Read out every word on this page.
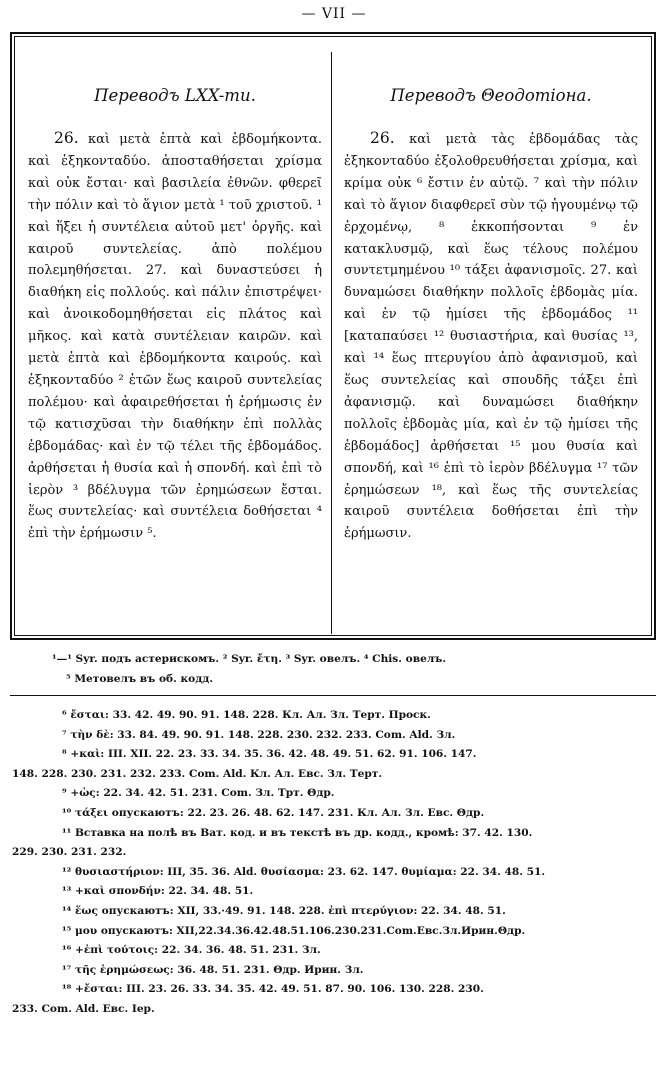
— VII —
Переводъ LXX-ти.	Переводъ Θеодотіона.

26. καὶ μετὰ ἑπτὰ καὶ ἑβδομήκοντα. καὶ ἑξηκονταδύο. ἀποσταθήσεται χρίσμα καὶ οὐκ ἔσται· καὶ βασιλεία ἐθνῶν. φθερεῖ τὴν πόλιν καὶ τὸ ἅγιον μετὰ ¹ τοῦ χριστοῦ. ¹ καὶ ἥξει ἡ συντέλεια αὐτοῦ μετ' ὀργῆς. καὶ καιροῦ συντελείας. ἀπὸ πολέμου πολεμηθήσεται. 27. καὶ δυναστεύσει ἡ διαθήκη εἰς πολλούς. καὶ πάλιν ἐπιστρέψει· καὶ ἀνοικοδομηθήσεται εἰς πλάτος καὶ μῆκος. καὶ κατὰ συντέλειαν καιρῶν. καὶ μετὰ ἑπτὰ καὶ ἑβδομήκοντα καιρούς. καὶ ἑξηκονταδύο ² ἐτῶν ἕως καιροῦ συντελείας πολέμου· καὶ ἀφαιρεθήσεται ἡ ἐρήμωσις ἐν τῷ κατισχῦσαι τὴν διαθήκην ἐπὶ πολλὰς ἑβδομάδας· καὶ ἐν τῷ τέλει τῆς ἑβδομάδος. ἀρθήσεται ἡ θυσία καὶ ἡ σπονδή. καὶ ἐπὶ τὸ ἱερὸν ³ βδέλυγμα τῶν ἐρημώσεων ἔσται. ἕως συντελείας· καὶ συντέλεια δοθήσεται ⁴ ἐπὶ τὴν ἐρήμωσιν ⁵.

26. καὶ μετὰ τὰς ἑβδομάδας τὰς ἑξηκονταδύο ἐξολοθρευθήσεται χρίσμα, καὶ κρίμα οὐκ ⁶ ἔστιν ἐν αὐτῷ. ⁷ καὶ τὴν πόλιν καὶ τὸ ἅγιον διαφθερεῖ σὺν τῷ ἡγουμένῳ τῷ ἐρχομένῳ, ⁸ ἐκκοπήσονται ⁹ ἐν κατακλυσμῷ, καὶ ἕως τέλους πολέμου συντετμημένου ¹⁰ τάξει ἀφανισμοῖς. 27. καὶ δυναμώσει διαθήκην πολλοῖς ἑβδομὰς μία. καὶ ἐν τῷ ἡμίσει τῆς ἑβδομάδος ¹¹ [καταπαύσει ¹² θυσιαστήρια, καὶ θυσίας ¹³, καὶ ¹⁴ ἕως πτερυγίου ἀπὸ ἀφανισμοῦ, καὶ ἕως συντελείας καὶ σπουδῆς τάξει ἐπὶ ἀφανισμῷ. καὶ δυναμώσει διαθήκην πολλοῖς ἑβδομὰς μία, καὶ ἐν τῷ ἡμίσει τῆς ἑβδομάδος] ἀρθήσεται ¹⁵ μου θυσία καὶ σπονδή, καὶ ¹⁶ ἐπὶ τὸ ἱερὸν βδέλυγμα ¹⁷ τῶν ἐρημώσεων ¹⁸, καὶ ἕως τῆς συντελείας καιροῦ συντέλεια δοθήσεται ἐπὶ τὴν ἐρήμωσιν.

¹—¹ Syr. подъ астерискомъ. ² Syr. ἔτη. ³ Syr. овелъ. ⁴ Chis. овелъ.
⁵ Метовелъ въ об. кодд.
⁶ ἔσται: 33. 42. 49. 90. 91. 148. 228. Кл. Ал. Зл. Терт. Проск.
⁷ τὴν δὲ: 33. 84. 49. 90. 91. 148. 228. 230. 232. 233. Com. Ald. Зл.
⁸ +καὶ: III. XII. 22. 23. 33. 34. 35. 36. 42. 48. 49. 51. 62. 91. 106. 147.
148. 228. 230. 231. 232. 233. Com. Ald. Кл. Ал. Евс. Зл. Терт.
⁹ +ὡς: 22. 34. 42. 51. 231. Com. Зл. Трт. Θдр.
¹⁰ τάξει опускаютъ: 22. 23. 26. 48. 62. 147. 231. Кл. Ал. Зл. Евс. Θдр.
¹¹ Вставка на полѣ въ Ват. код. и въ текстѣ въ др. кодд., кромѣ: 37. 42. 130.
229. 230. 231. 232.
¹² θυσιαστήριον: III, 35. 36. Ald. θυσίασμα: 23. 62. 147. θυμίαμα: 22. 34. 48. 51.
¹³ +καὶ σπονδήν: 22. 34. 48. 51.
¹⁴ ἕως опускаютъ: XII, 33.·49. 91. 148. 228. ἐπὶ πτερύγιον: 22. 34. 48. 51.
¹⁵ μου опускаютъ: XII,22.34.36.42.48.51.106.230.231.Com.Евс.Зл.Ирин.Θдр.
¹⁶ +ἐπὶ τούτοις: 22. 34. 36. 48. 51. 231. Зл.
¹⁷ τῆς ἐρημώσεως: 36. 48. 51. 231. Θдр. Ирин. Зл.
¹⁸ +ἔσται: III. 23. 26. 33. 34. 35. 42. 49. 51. 87. 90. 106. 130. 228. 230.
233. Com. Ald. Евс. Iер.
